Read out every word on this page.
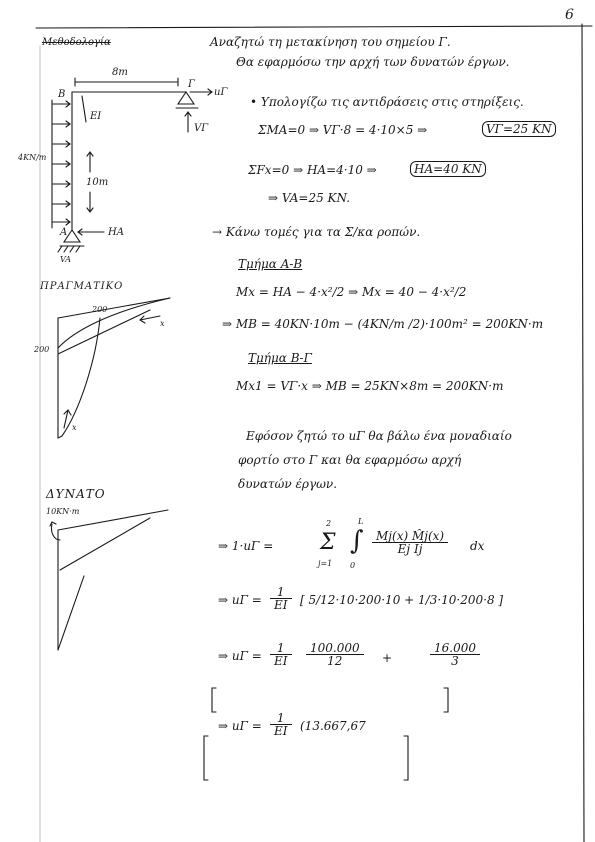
6
Μεθοδολογία	Αναζητώ τη μετακίνηση του σημείου Γ.
Θα εφαρμόσω την αρχή των δυνατών έργων.
8m
B
EI
Γ
uΓ
VΓ
4KN/m
10m
A	HA
VA
ΠΡΑΓΜΑΤΙΚΟ
200
200
x
x
ΔΥΝΑΤΟ
10KN·m
• Υπολογίζω τις αντιδράσεις στις στηρίξεις.
ΣΜΑ=0 ⇒ VΓ·8 = 4·10×5 ⇒	VΓ=25 KN
ΣFx=0 ⇒ HA=4·10 ⇒	HA=40 KN
⇒ VA=25 KN.
→ Κάνω τομές για τα Σ/κα ροπών.
Τμήμα Α-Β
Mx = HA − 4·x²/2 ⇒ Mx = 40 − 4·x²/2
⇒ MB = 40KN·10m − (4KN/m /2)·100m² = 200KN·m
Τμήμα Β-Γ
Mx1 = VΓ·x ⇒ MB = 25KN×8m = 200KN·m
Εφόσον ζητώ το uΓ θα βάλω ένα μοναδιαίο
φορτίο στο Γ και θα εφαρμόσω αρχή
δυνατών έργων.
⇒ 1·uΓ =
2
Σ
j=1
L
∫
0
$\frac{Mj(x) M̂j(x)}{\text{Ej Ij}}$ dx
⇒ $u\Gamma = \frac{1}{EI}$ [ 5/12·10·200·10 + 1/3·10·200·8 ]
⇒ $u\Gamma = \frac{1}{EI} \frac{100.000}{12}$ +	$\frac{16.000}{3}$
⇒ $u\Gamma = \frac{1}{EI} (13.667,67$
